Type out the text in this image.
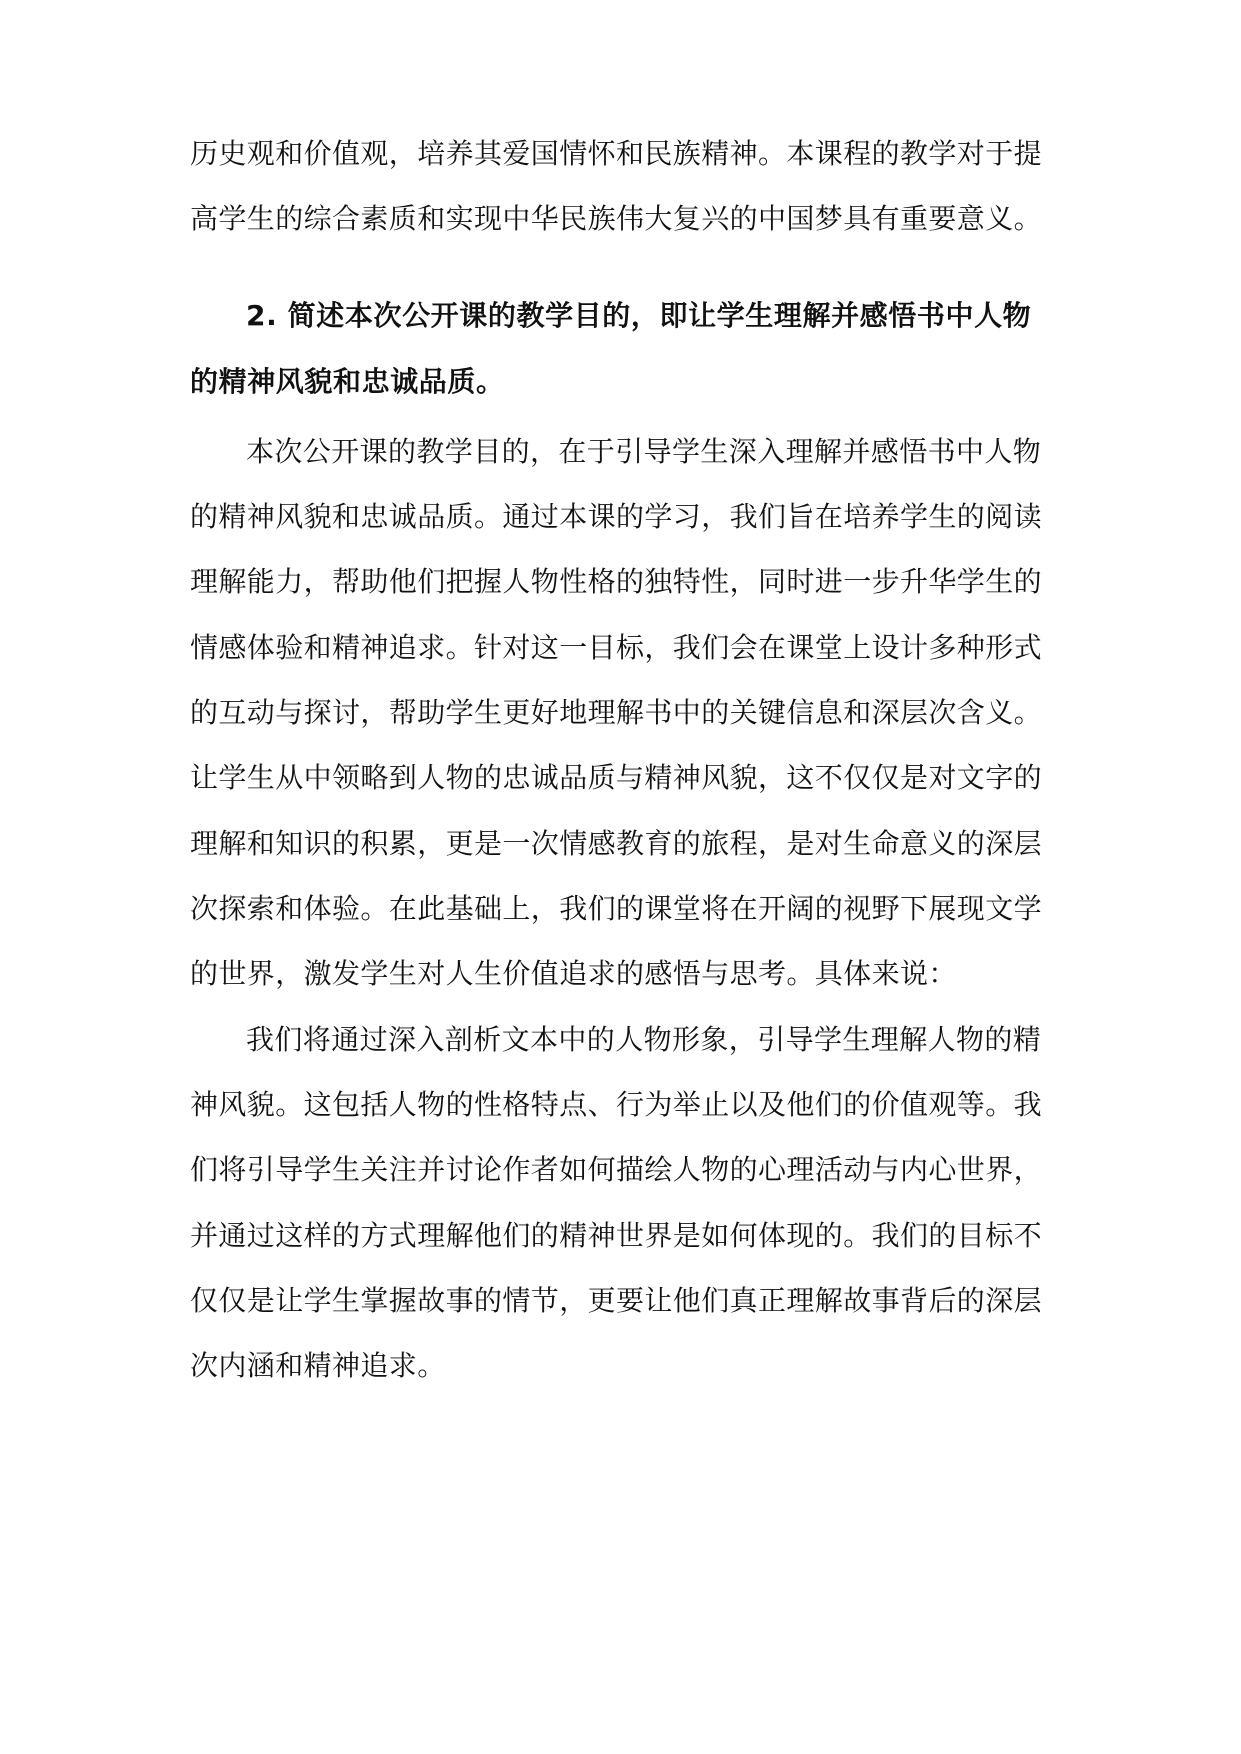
历史观和价值观，培养其爱国情怀和民族精神。本课程的教学对于提
高学生的综合素质和实现中华民族伟大复兴的中国梦具有重要意义。
2. 简述本次公开课的教学目的，即让学生理解并感悟书中人物
的精神风貌和忠诚品质。
本次公开课的教学目的，在于引导学生深入理解并感悟书中人物
的精神风貌和忠诚品质。通过本课的学习，我们旨在培养学生的阅读
理解能力，帮助他们把握人物性格的独特性，同时进一步升华学生的
情感体验和精神追求。针对这一目标，我们会在课堂上设计多种形式
的互动与探讨，帮助学生更好地理解书中的关键信息和深层次含义。
让学生从中领略到人物的忠诚品质与精神风貌，这不仅仅是对文字的
理解和知识的积累，更是一次情感教育的旅程，是对生命意义的深层
次探索和体验。在此基础上，我们的课堂将在开阔的视野下展现文学
的世界，激发学生对人生价值追求的感悟与思考。具体来说：
我们将通过深入剖析文本中的人物形象，引导学生理解人物的精
神风貌。这包括人物的性格特点、行为举止以及他们的价值观等。我
们将引导学生关注并讨论作者如何描绘人物的心理活动与内心世界，
并通过这样的方式理解他们的精神世界是如何体现的。我们的目标不
仅仅是让学生掌握故事的情节，更要让他们真正理解故事背后的深层
次内涵和精神追求。
